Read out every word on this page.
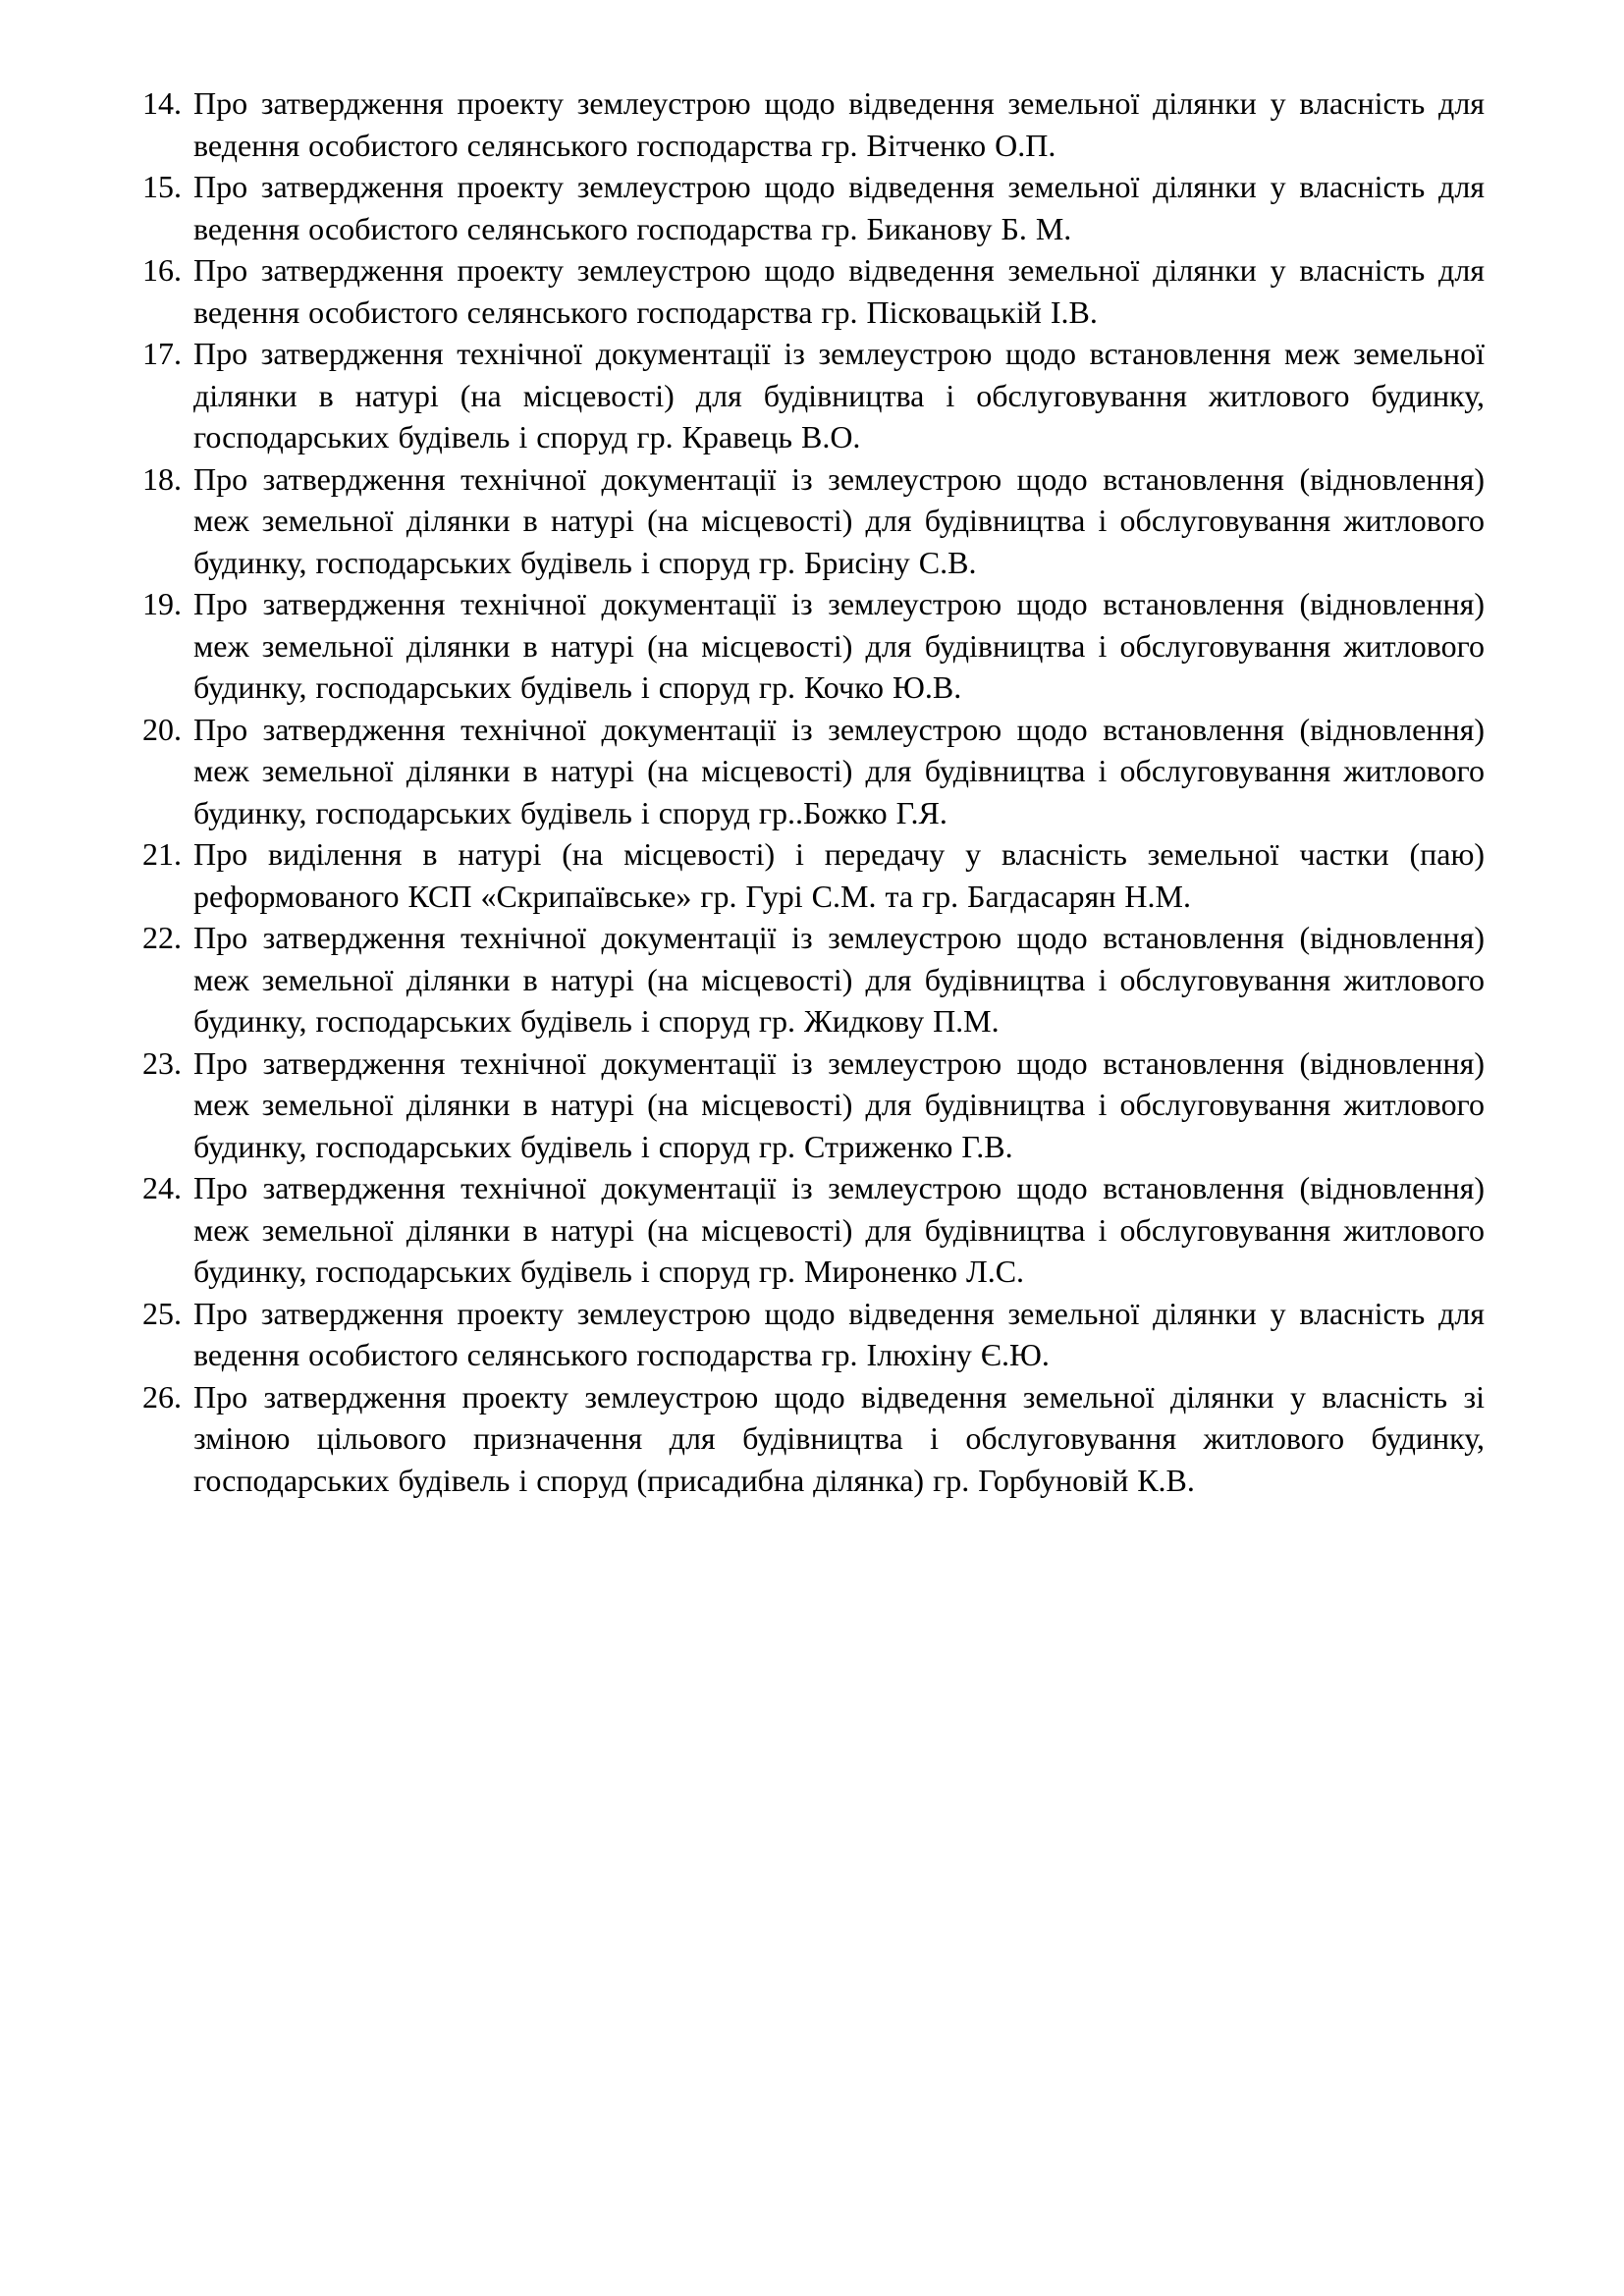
14. Про затвердження проекту землеустрою щодо відведення земельної ділянки у власність для ведення особистого селянського господарства гр. Вітченко О.П.
15. Про затвердження проекту землеустрою щодо відведення земельної ділянки у власність для ведення особистого селянського господарства гр. Биканову Б. М.
16. Про затвердження проекту землеустрою щодо відведення земельної ділянки у власність для ведення особистого селянського господарства гр. Пісковацькій І.В.
17. Про затвердження технічної документації із землеустрою щодо встановлення меж земельної ділянки в натурі (на місцевості) для будівництва і обслуговування житлового будинку, господарських будівель і споруд гр. Кравець В.О.
18. Про затвердження технічної документації із землеустрою щодо встановлення (відновлення) меж земельної ділянки в натурі (на місцевості) для будівництва і обслуговування житлового будинку, господарських будівель і споруд гр. Брисіну С.В.
19. Про затвердження технічної документації із землеустрою щодо встановлення (відновлення) меж земельної ділянки в натурі (на місцевості) для будівництва і обслуговування житлового будинку, господарських будівель і споруд гр. Кочко Ю.В.
20. Про затвердження технічної документації із землеустрою щодо встановлення (відновлення) меж земельної ділянки в натурі (на місцевості) для будівництва і обслуговування житлового будинку, господарських будівель і споруд гр..Божко Г.Я.
21. Про виділення в натурі (на місцевості) і передачу у власність земельної частки (паю) реформованого КСП «Скрипаївське» гр. Гурі С.М. та гр. Багдасарян Н.М.
22. Про затвердження технічної документації із землеустрою щодо встановлення (відновлення) меж земельної ділянки в натурі (на місцевості) для будівництва і обслуговування житлового будинку, господарських будівель і споруд гр. Жидкову П.М.
23. Про затвердження технічної документації із землеустрою щодо встановлення (відновлення) меж земельної ділянки в натурі (на місцевості) для будівництва і обслуговування житлового будинку, господарських будівель і споруд гр. Стриженко Г.В.
24. Про затвердження технічної документації із землеустрою щодо встановлення (відновлення) меж земельної ділянки в натурі (на місцевості) для будівництва і обслуговування житлового будинку, господарських будівель і споруд гр. Мироненко Л.С.
25. Про затвердження проекту землеустрою щодо відведення земельної ділянки у власність для ведення особистого селянського господарства гр. Ілюхіну Є.Ю.
26. Про затвердження проекту землеустрою щодо відведення земельної ділянки у власність зі зміною цільового призначення для будівництва і обслуговування житлового будинку, господарських будівель і споруд (присадибна ділянка) гр. Горбуновій К.В.
